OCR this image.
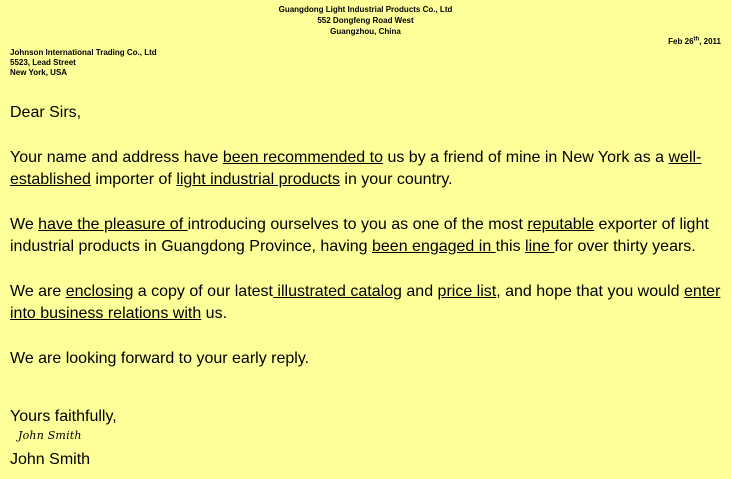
Guangdong Light Industrial Products Co., Ltd
552 Dongfeng Road West
Guangzhou, China
Feb 26th, 2011
Johnson International Trading Co., Ltd
5523, Lead Street
New York, USA

Dear Sirs,

Your name and address have been recommended to us by a friend of mine in New York as a well-established importer of light industrial products in your country.

We have the pleasure of introducing ourselves to you as one of the most reputable exporter of light industrial products in Guangdong Province, having been engaged in this line for over thirty years.

We are enclosing a copy of our latest illustrated catalog and price list, and hope that you would enter into business relations with us.

We are looking forward to your early reply.

Yours faithfully,
John Smith
John Smith
